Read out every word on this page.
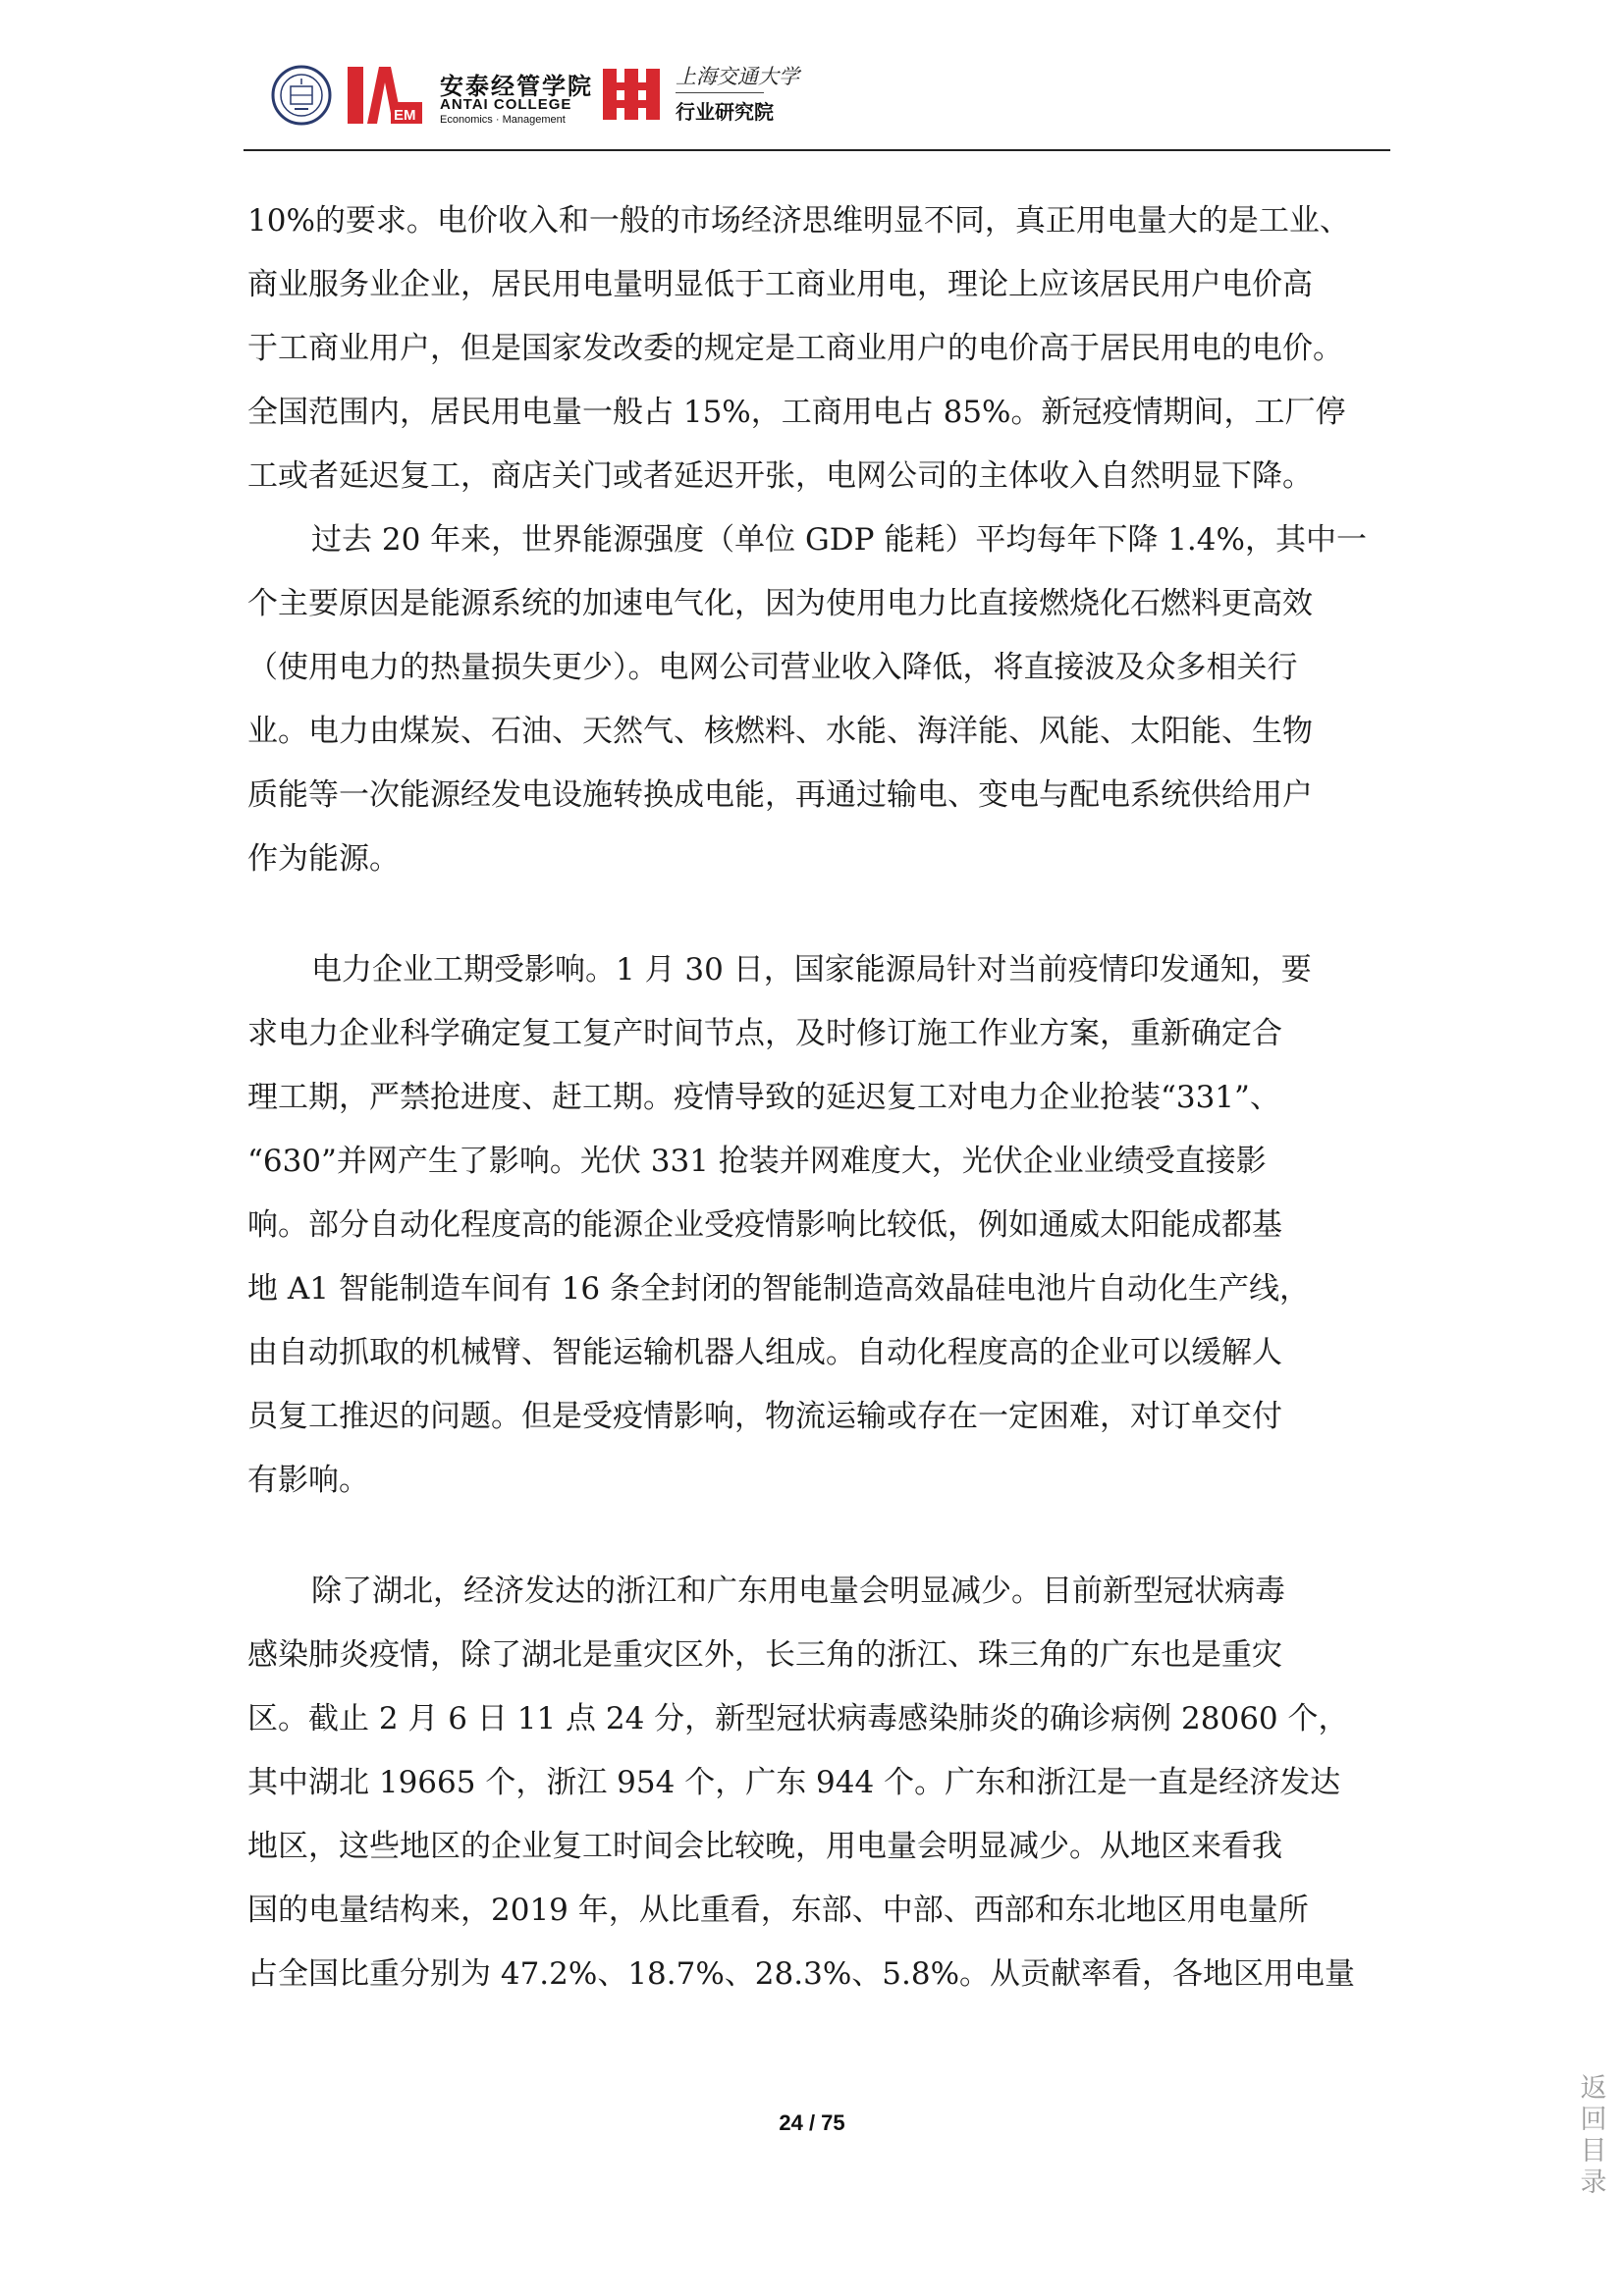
EM
安泰经管学院
ANTAI COLLEGE
Economics · Management
上海交通大学
行业研究院

10%的要求。电价收入和一般的市场经济思维明显不同，真正用电量大的是工业、
商业服务业企业，居民用电量明显低于工商业用电，理论上应该居民用户电价高
于工商业用户，但是国家发改委的规定是工商业用户的电价高于居民用电的电价。
全国范围内，居民用电量一般占 15%，工商用电占 85%。新冠疫情期间，工厂停
工或者延迟复工，商店关门或者延迟开张，电网公司的主体收入自然明显下降。

过去 20 年来，世界能源强度（单位 GDP 能耗）平均每年下降 1.4%，其中一
个主要原因是能源系统的加速电气化，因为使用电力比直接燃烧化石燃料更高效
（使用电力的热量损失更少）。电网公司营业收入降低，将直接波及众多相关行
业。电力由煤炭、石油、天然气、核燃料、水能、海洋能、风能、太阳能、生物
质能等一次能源经发电设施转换成电能，再通过输电、变电与配电系统供给用户
作为能源。

电力企业工期受影响。1 月 30 日，国家能源局针对当前疫情印发通知，要
求电力企业科学确定复工复产时间节点，及时修订施工作业方案，重新确定合
理工期，严禁抢进度、赶工期。疫情导致的延迟复工对电力企业抢装“331”、
“630”并网产生了影响。光伏 331 抢装并网难度大，光伏企业业绩受直接影
响。部分自动化程度高的能源企业受疫情影响比较低，例如通威太阳能成都基
地 A1 智能制造车间有 16 条全封闭的智能制造高效晶硅电池片自动化生产线，
由自动抓取的机械臂、智能运输机器人组成。自动化程度高的企业可以缓解人
员复工推迟的问题。但是受疫情影响，物流运输或存在一定困难，对订单交付
有影响。

除了湖北，经济发达的浙江和广东用电量会明显减少。目前新型冠状病毒
感染肺炎疫情，除了湖北是重灾区外，长三角的浙江、珠三角的广东也是重灾
区。截止 2 月 6 日 11 点 24 分，新型冠状病毒感染肺炎的确诊病例 28060 个，
其中湖北 19665 个，浙江 954 个，广东 944 个。广东和浙江是一直是经济发达
地区，这些地区的企业复工时间会比较晚，用电量会明显减少。从地区来看我
国的电量结构来，2019 年，从比重看，东部、中部、西部和东北地区用电量所
占全国比重分别为 47.2%、18.7%、28.3%、5.8%。从贡献率看，各地区用电量

24 / 75
返
回
目
录
